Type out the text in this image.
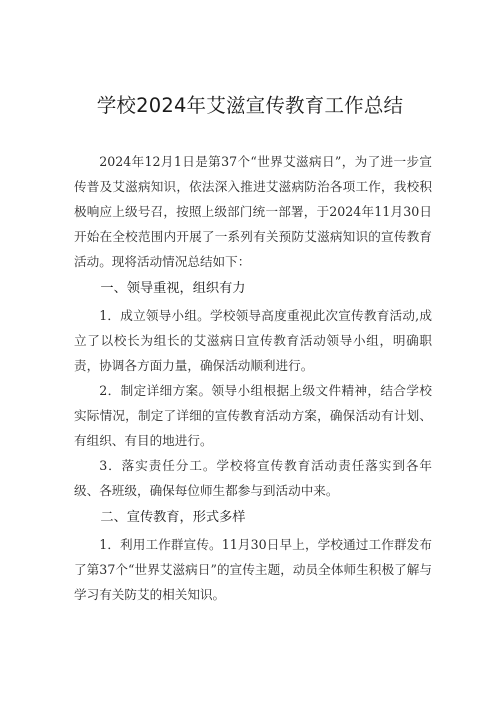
学校2024年艾滋宣传教育工作总结

2024年12月1日是第37个“世界艾滋病日”，为了进一步宣传普及艾滋病知识，依法深入推进艾滋病防治各项工作，我校积极响应上级号召，按照上级部门统一部署，于2024年11月30日开始在全校范围内开展了一系列有关预防艾滋病知识的宣传教育活动。现将活动情况总结如下：

一、领导重视，组织有力

1．成立领导小组。学校领导高度重视此次宣传教育活动,成立了以校长为组长的艾滋病日宣传教育活动领导小组，明确职责，协调各方面力量，确保活动顺利进行。

2．制定详细方案。领导小组根据上级文件精神，结合学校实际情况，制定了详细的宣传教育活动方案，确保活动有计划、有组织、有目的地进行。

3．落实责任分工。学校将宣传教育活动责任落实到各年级、各班级，确保每位师生都参与到活动中来。

二、宣传教育，形式多样

1．利用工作群宣传。11月30日早上，学校通过工作群发布了第37个“世界艾滋病日”的宣传主题，动员全体师生积极了解与学习有关防艾的相关知识。
